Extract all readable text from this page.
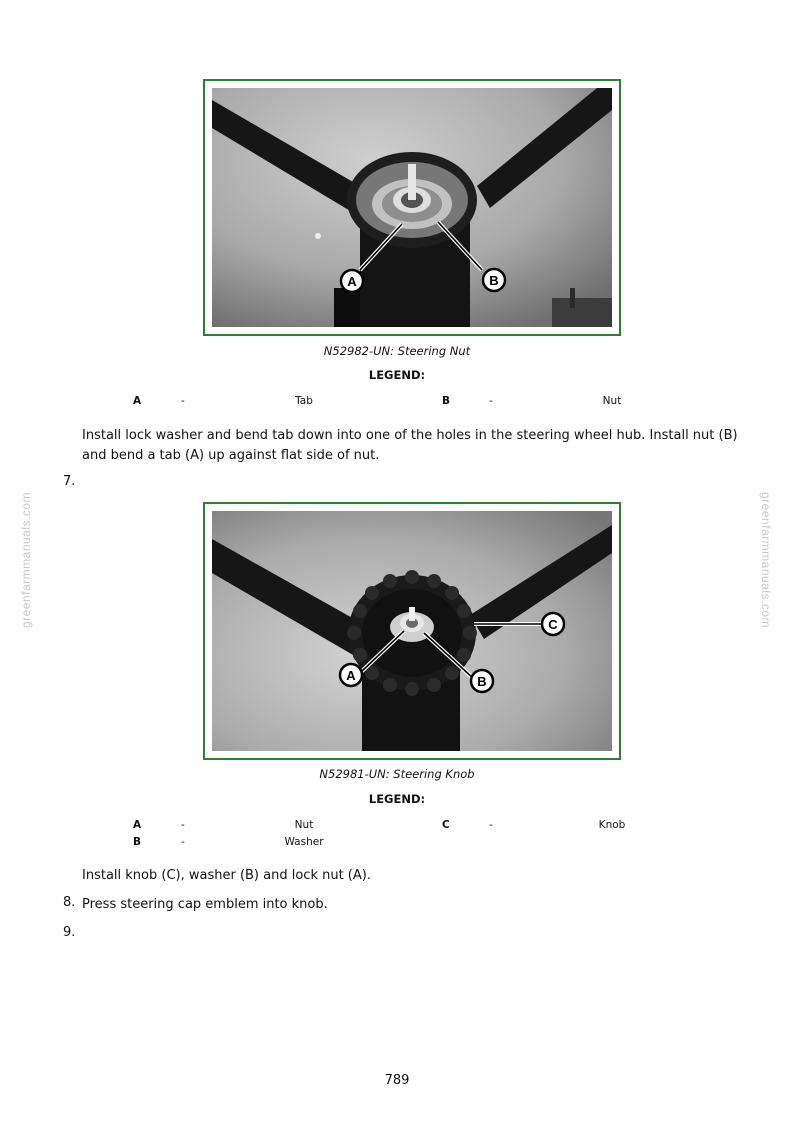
greenfarmmanuals.com	greenfarmmanuals.com
A	B
N52982-UN: Steering Nut
LEGEND:
A	-	Tab	B	-	Nut
Install lock washer and bend tab down into one of the holes in the steering wheel hub. Install nut (B) and bend a tab (A) up against flat side of nut.
7.
A	B
C
N52981-UN: Steering Knob
LEGEND:
A	-	Nut	C	-	Knob
B	-	Washer
Install knob (C), washer (B) and lock nut (A).
8. Press steering cap emblem into knob.
9.
789
